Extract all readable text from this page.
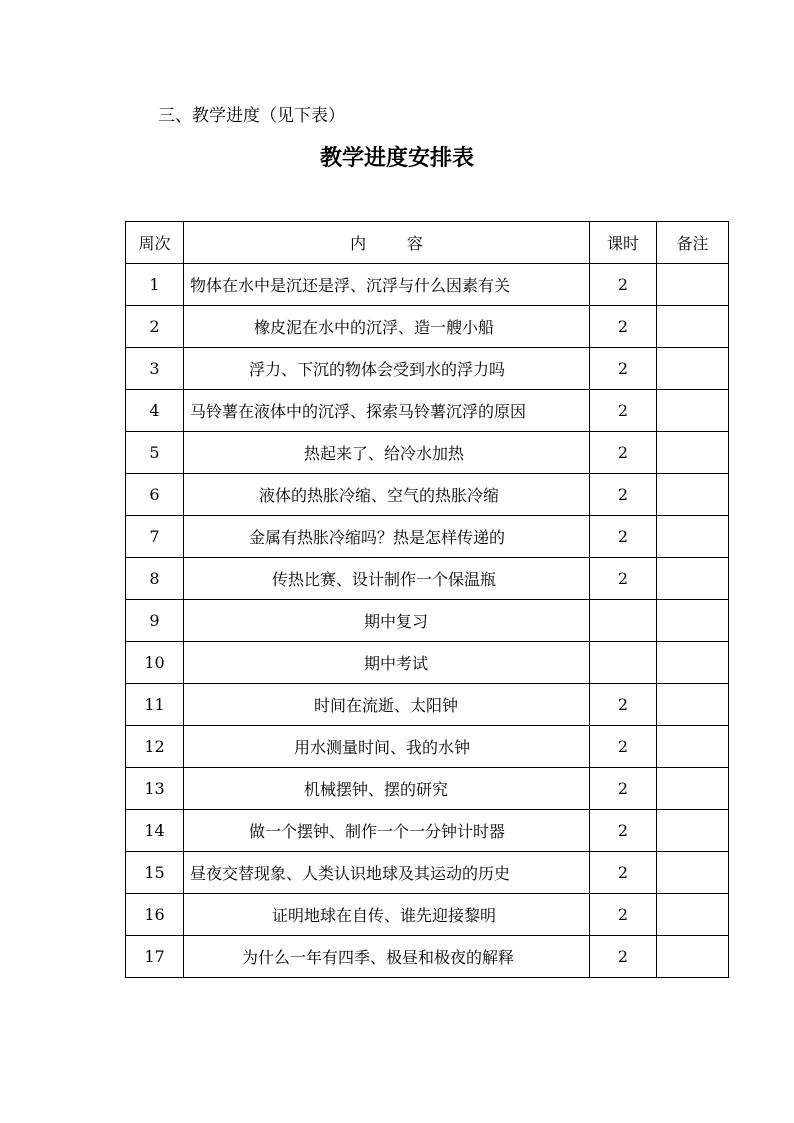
三、教学进度（见下表）
教学进度安排表
周次	内        容	课时	备注
1	物体在水中是沉还是浮、沉浮与什么因素有关	2	
2	橡皮泥在水中的沉浮、造一艘小船	2	
3	浮力、下沉的物体会受到水的浮力吗	2	
4	马铃薯在液体中的沉浮、探索马铃薯沉浮的原因	2	
5	热起来了、给冷水加热	2	
6	液体的热胀冷缩、空气的热胀冷缩	2	
7	金属有热胀冷缩吗？热是怎样传递的	2	
8	传热比赛、设计制作一个保温瓶	2	
9	期中复习		
10	期中考试		
11	时间在流逝、太阳钟	2	
12	用水测量时间、我的水钟	2	
13	机械摆钟、摆的研究	2	
14	做一个摆钟、制作一个一分钟计时器	2	
15	昼夜交替现象、人类认识地球及其运动的历史	2	
16	证明地球在自传、谁先迎接黎明	2	
17	为什么一年有四季、极昼和极夜的解释	2	
